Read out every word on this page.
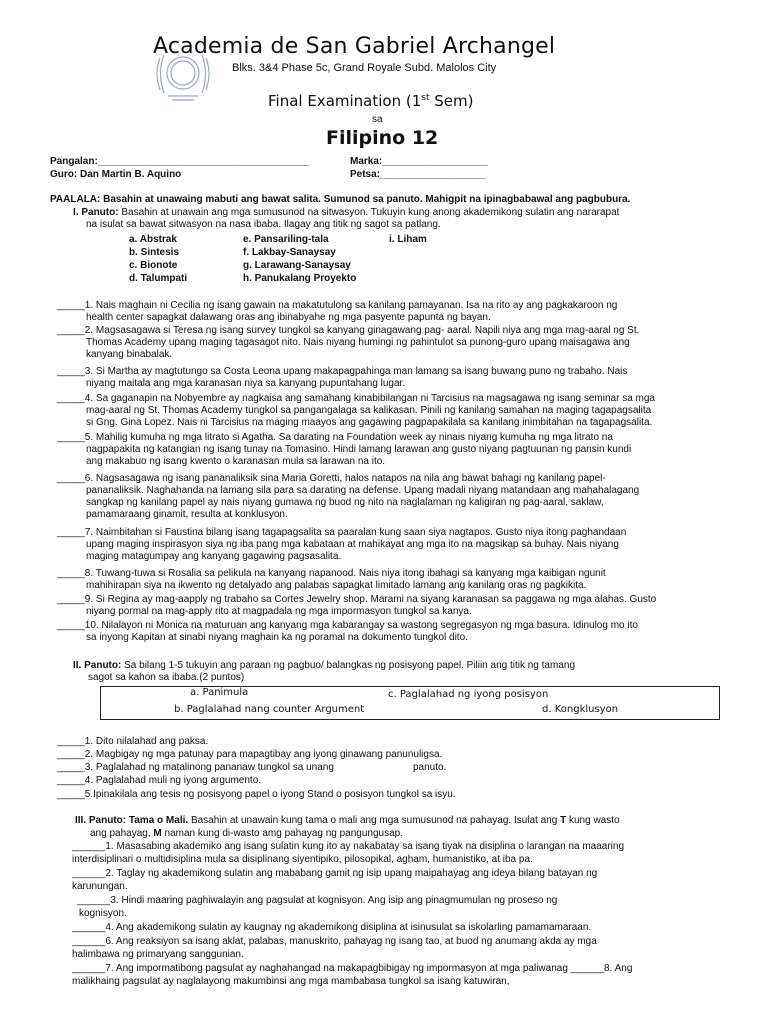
Academia de San Gabriel Archangel
Blks. 3&4 Phase 5c, Grand Royale Subd. Malolos City
Final Examination (1st Sem)
sa
Filipino 12
Pangalan:______________________________________	Marka:___________________
Guro: Dan Martin B. Aquino	Petsa:___________________
PAALALA: Basahin at unawaing mabuti ang bawat salita. Sumunod sa panuto. Mahigpit na ipinagbabawal ang pagbubura.
I. Panuto: Basahin at unawain ang mga sumusunod na sitwasyon. Tukuyin kung anong akademikong sulatin ang nararapat
na isulat sa bawat sitwasyon na nasa ibaba. Ilagay ang titik ng sagot sa patlang.
a. Abstrak	e. Pansariling-tala	i. Liham
b. Sintesis	f. Lakbay-Sanaysay
c. Bionote	g. Larawang-Sanaysay
d. Talumpati	h. Panukalang Proyekto
_____1. Nais maghain ni Cecilia ng isang gawain na makatutulong sa kanilang pamayanan. Isa na rito ay ang pagkakaroon ng
health center sapagkat dalawang oras ang ibinabyahe ng mga pasyente papunta ng bayan.
_____2. Magsasagawa si Teresa ng isang survey tungkol sa kanyang ginagawang pag- aaral. Napili niya ang mga mag-aaral ng St.
Thomas Academy upang maging tagasagot nito. Nais niyang humingi ng pahintulot sa punong-guro upang maisagawa ang
kanyang binabalak.
_____3. Si Martha ay magtutungo sa Costa Leona upang makapagpahinga man lamang sa isang buwang puno ng trabaho. Nais
niyang maitala ang mga karanasan niya sa kanyang pupuntahang lugar.
_____4. Sa gaganapin na Nobyembre ay nagkaisa ang samahang kinabibilangan ni Tarcisius na magsagawa ng isang seminar sa mga
mag-aaral ng St. Thomas Academy tungkol sa pangangalaga sa kalikasan. Pinili ng kanilang samahan na maging tagapagsalita
si Gng. Gina Lopez. Nais ni Tarcisius na maging maayos ang gagawing pagpapakilala sa kanilang inimbitahan na tagapagsalita.
_____5. Mahilig kumuha ng mga litrato si Agatha. Sa darating na Foundation week ay ninais niyang kumuha ng mga litrato na
nagpapakita ng katangian ng isang tunay na Tomasino. Hindi lamang larawan ang gusto niyang pagtuunan ng pansin kundi
ang makabuo ng isang kwento o karanasan mula sa larawan na ito.
_____6. Nagsasagawa ng isang pananaliksik sina Maria Goretti, halos natapos na nila ang bawat bahagi ng kanilang papel-
pananaliksik. Naghahanda na lamang sila para sa darating na defense. Upang madali niyang matandaan ang mahahalagang
sangkap ng kanilang papel ay nais niyang gumawa ng buod ng nito na naglalaman ng kaligiran ng pag-aaral, saklaw,
pamamaraang ginamit, resulta at konklusyon.
_____7. Naimbitahan si Faustina bilang isang tagapagsalita sa paaralan kung saan siya nagtapos. Gusto niya itong paghandaan
upang maging inspirasyon siya ng iba pang mga kabataan at mahikayat ang mga ito na magsikap sa buhay. Nais niyang
maging matagumpay ang kanyang gagawing pagsasalita.
_____8. Tuwang-tuwa si Rosalia sa pelikula na kanyang napanood. Nais niya itong ibahagi sa kanyang mga kaibigan ngunit
mahihirapan siya na ikwento ng detalyado ang palabas sapagkat limitado lamang ang kanilang oras ng pagkikita.
_____9. Si Regina ay mag-aapply ng trabaho sa Cortes Jewelry shop. Marami na siyang karanasan sa paggawa ng mga alahas. Gusto
niyang pormal na mag-apply rito at magpadala ng mga impormasyon tungkol sa kanya.
_____10. Nilalayon ni Monica na maturuan ang kanyang mga kabarangay sa wastong segregasyon ng mga basura. Idinulog mo ito
sa inyong Kapitan at sinabi niyang maghain ka ng poramal na dokumento tungkol dito.
II. Panuto: Sa bilang 1-5 tukuyin ang paraan ng pagbuo/ balangkas ng posisyong papel. Piliin ang titik ng tamang
sagot sa kahon sa ibaba.(2 puntos)
a. Panimula	c. Paglalahad ng iyong posisyon
b. Paglalahad nang counter Argument	d. Kongklusyon
_____1. Dito nilalahad ang paksa.
_____2. Magbigay ng mga patunay para mapagtibay ang iyong ginawang panunuligsa.
_____3. Paglalahad ng matalinong pananaw tungkol sa unang	panuto.
_____4. Paglalahad muli ng iyong argumento.
_____5.Ipinakilala ang tesis ng posisyong papel o iyong Stand o posisyon tungkol sa isyu.
III. Panuto: Tama o Mali. Basahin at unawain kung tama o mali ang mga sumusunod na pahayag. Isulat ang T kung wasto
ang pahayag, M naman kung di-wasto amg pahayag ng pangungusap.
______1. Masasabing akademiko ang isang sulatin kung ito ay nakabatay sa isang tiyak na disiplina o larangan na maaaring
interdisiplinari o multidisiplina mula sa disiplinang siyentipiko, pilosopikal, agham, humanistiko, at iba pa.
______2. Taglay ng akademikong sulatin ang mababang gamit ng isip upang maipahayag ang ideya bilang batayan ng
karunungan.
______3. Hindi maaring paghiwalayin ang pagsulat at kognisyon. Ang isip ang pinagmumulan ng proseso ng
kognisyon.
______4. Ang akademikong sulatin ay kaugnay ng akademikong disiplina at isinusulat sa iskolarling pamamamaraan.
______6. Ang reaksiyon sa isang aklat, palabas, manuskrito, pahayag ng isang tao, at buod ng anumang akda ay mga
halimbawa ng primaryang sanggunian.
______7. Ang impormatibong pagsulat ay naghahangad na makapagbibigay ng impormasyon at mga paliwanag ______8. Ang
malikhaing pagsulat ay naglalayong makumbinsi ang mga mambabasa tungkol sa isang katuwiran,
